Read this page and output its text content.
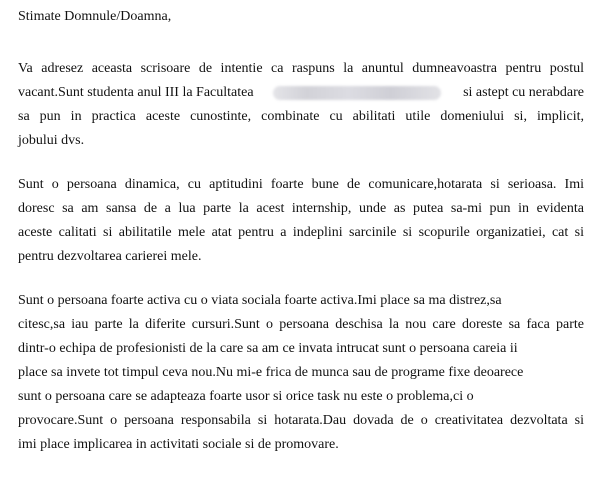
Stimate Domnule/Doamna,

Va adresez aceasta scrisoare de intentie ca raspuns la anuntul dumneavoastra pentru postul
vacant.Sunt studenta anul III la Facultatea	si astept cu nerabdare
sa pun in practica aceste cunostinte, combinate cu abilitati utile domeniului si, implicit,
jobului dvs.
Sunt o persoana dinamica, cu aptitudini foarte bune de comunicare,hotarata si serioasa. Imi
doresc sa am sansa de a lua parte la acest internship, unde as putea sa-mi pun in evidenta
aceste calitati si abilitatile mele atat pentru a indeplini sarcinile si scopurile organizatiei, cat si
pentru dezvoltarea carierei mele.
Sunt o persoana foarte activa cu o viata sociala foarte activa.Imi place sa ma distrez,sa
citesc,sa iau parte la diferite cursuri.Sunt o persoana deschisa la nou care doreste sa faca parte
dintr-o echipa de profesionisti de la care sa am ce invata intrucat sunt o persoana careia ii
place sa invete tot timpul ceva nou.Nu mi-e frica de munca sau de programe fixe deoarece
sunt o persoana care se adapteaza foarte usor si orice task nu este o problema,ci o
provocare.Sunt o persoana responsabila si hotarata.Dau dovada de o creativitatea dezvoltata si
imi place implicarea in activitati sociale si de promovare.
